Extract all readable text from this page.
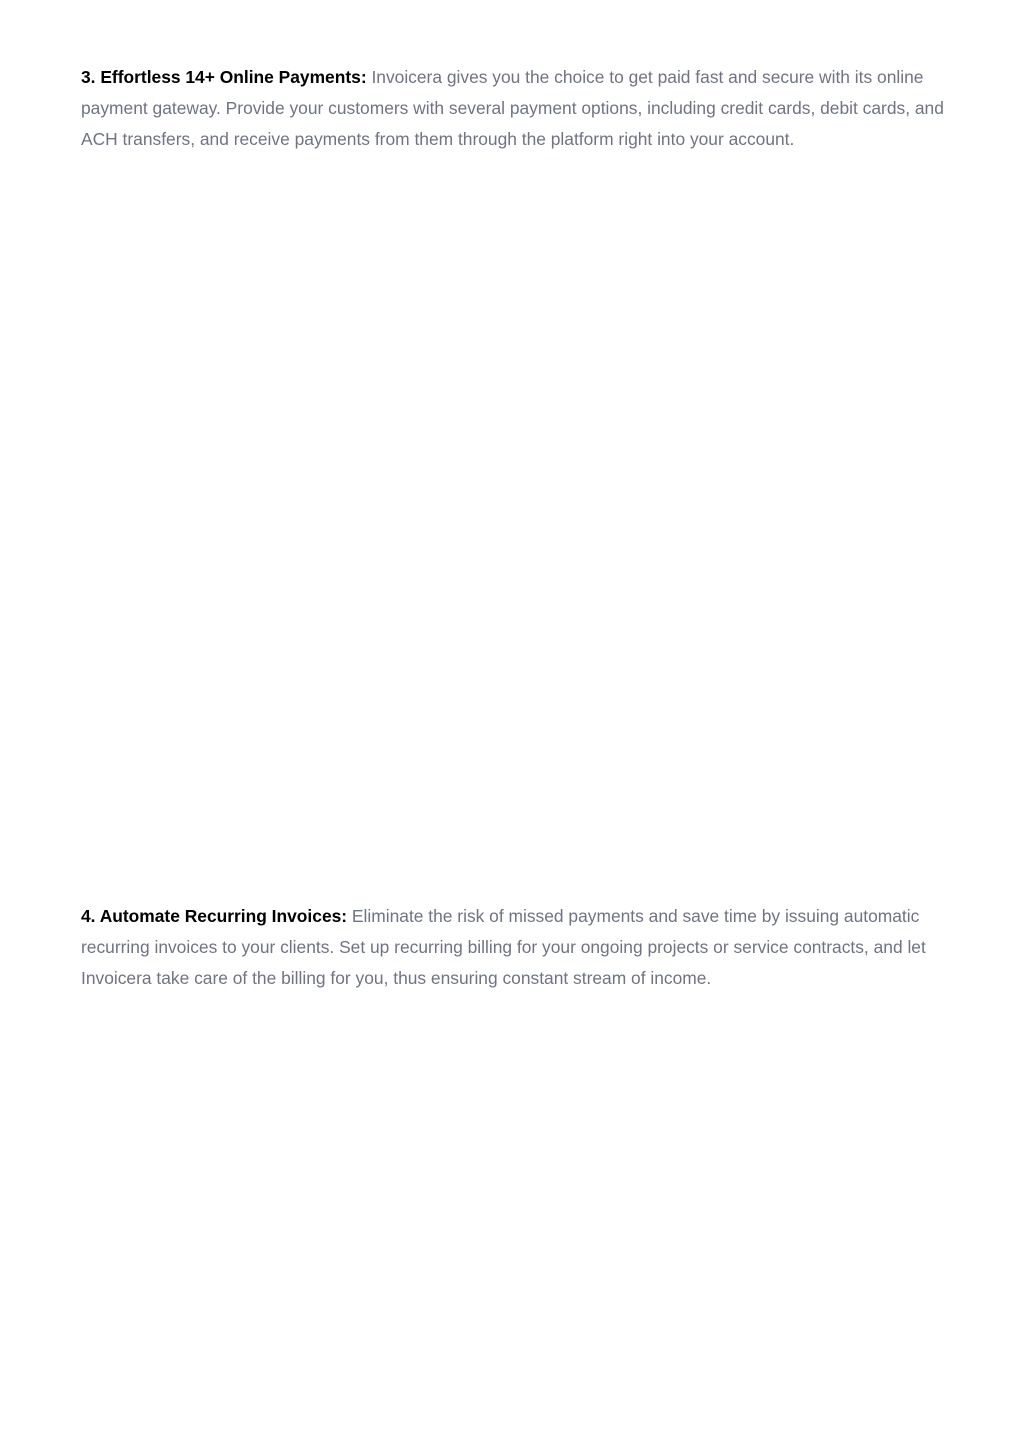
3. Effortless 14+ Online Payments: Invoicera gives you the choice to get paid fast and secure with its online payment gateway. Provide your customers with several payment options, including credit cards, debit cards, and ACH transfers, and receive payments from them through the platform right into your account.

4. Automate Recurring Invoices: Eliminate the risk of missed payments and save time by issuing automatic recurring invoices to your clients. Set up recurring billing for your ongoing projects or service contracts, and let Invoicera take care of the billing for you, thus ensuring constant stream of income.
